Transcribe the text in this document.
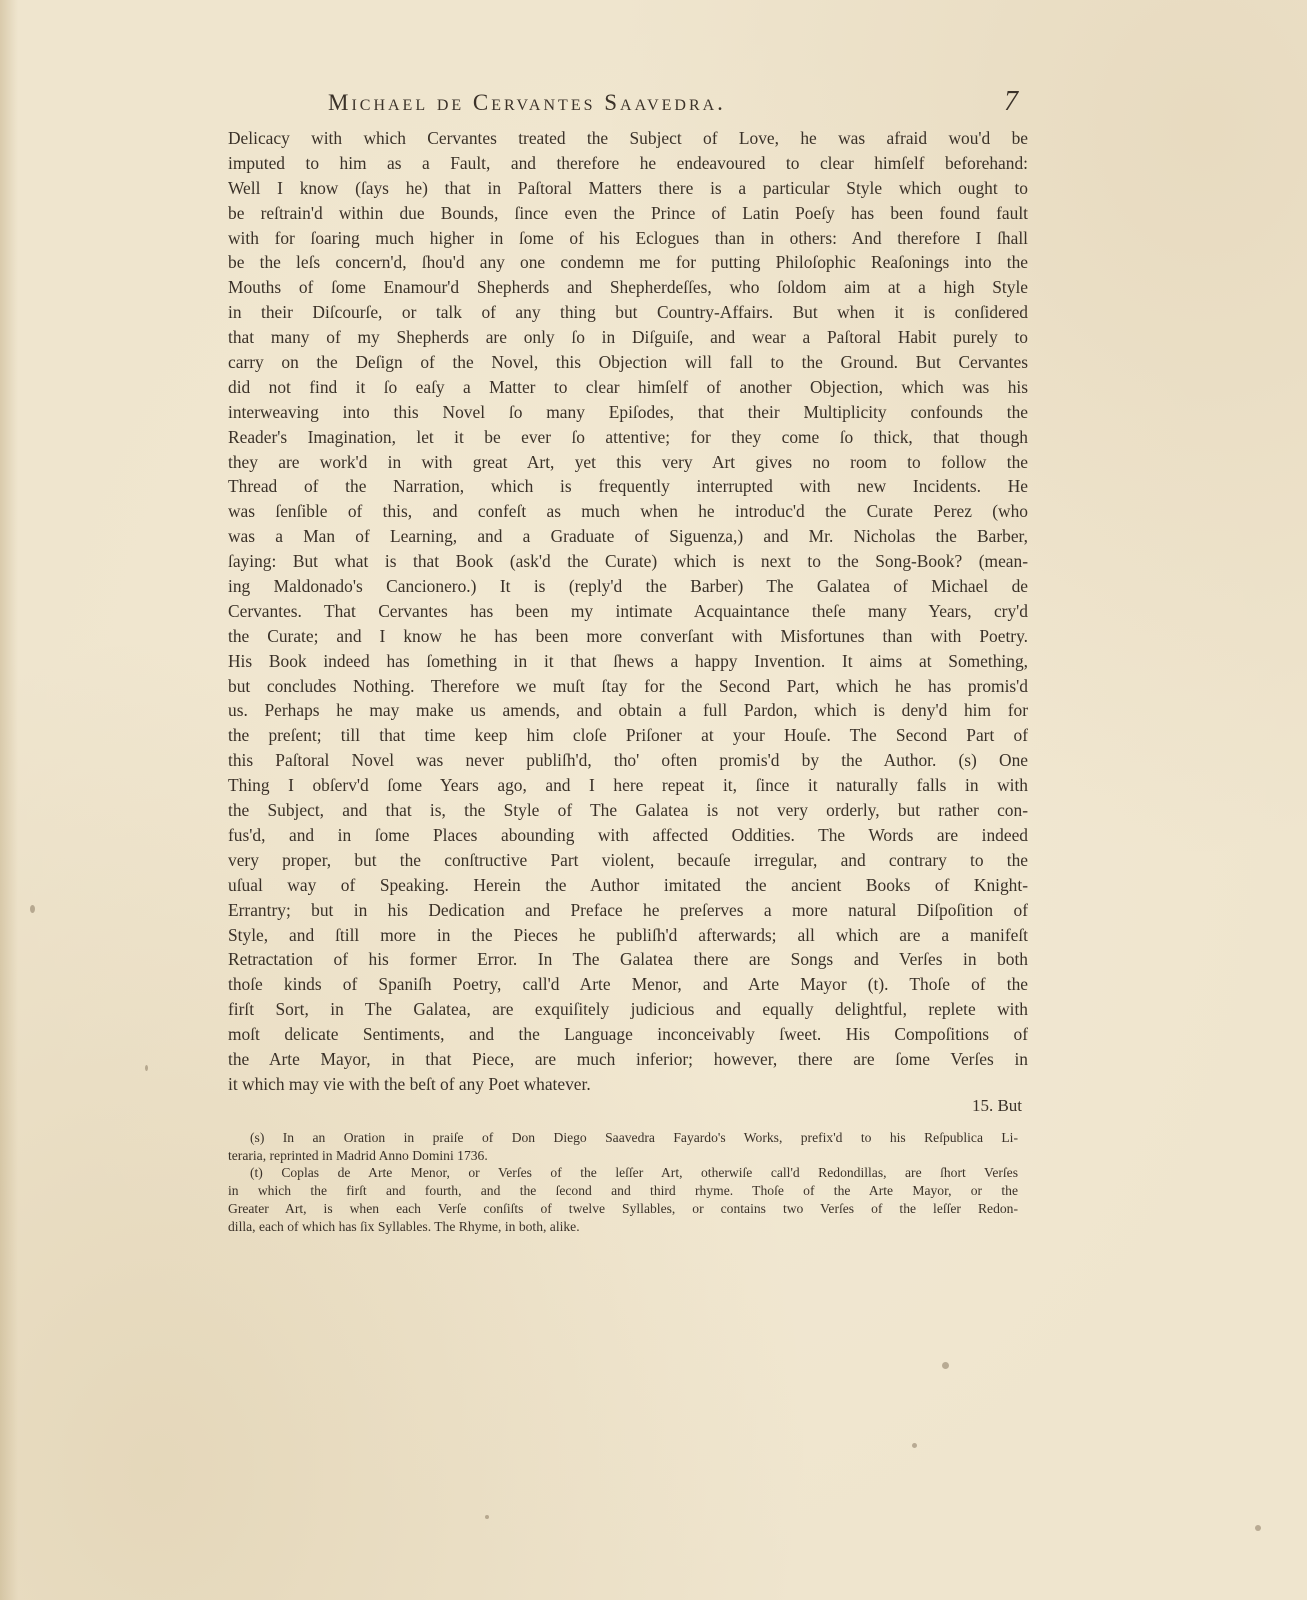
Michael de Cervantes Saavedra.	7
Delicacy with which Cervantes treated the Subject of Love, he was afraid wou'd be
imputed to him as a Fault, and therefore he endeavoured to clear himſelf beforehand:
Well I know (ſays he) that in Paſtoral Matters there is a particular Style which ought to
be reſtrain'd within due Bounds, ſince even the Prince of Latin Poeſy has been found fault
with for ſoaring much higher in ſome of his Eclogues than in others: And therefore I ſhall
be the leſs concern'd, ſhou'd any one condemn me for putting Philoſophic Reaſonings into the
Mouths of ſome Enamour'd Shepherds and Shepherdeſſes, who ſoldom aim at a high Style
in their Diſcourſe, or talk of any thing but Country-Affairs. But when it is conſidered
that many of my Shepherds are only ſo in Diſguiſe, and wear a Paſtoral Habit purely to
carry on the Deſign of the Novel, this Objection will fall to the Ground. But Cervantes
did not find it ſo eaſy a Matter to clear himſelf of another Objection, which was his
interweaving into this Novel ſo many Epiſodes, that their Multiplicity confounds the
Reader's Imagination, let it be ever ſo attentive; for they come ſo thick, that though
they are work'd in with great Art, yet this very Art gives no room to follow the
Thread of the Narration, which is frequently interrupted with new Incidents. He
was ſenſible of this, and confeſt as much when he introduc'd the Curate Perez (who
was a Man of Learning, and a Graduate of Siguenza,) and Mr. Nicholas the Barber,
ſaying: But what is that Book (ask'd the Curate) which is next to the Song-Book? (mean-
ing Maldonado's Cancionero.) It is (reply'd the Barber) The Galatea of Michael de
Cervantes. That Cervantes has been my intimate Acquaintance theſe many Years, cry'd
the Curate; and I know he has been more converſant with Misfortunes than with Poetry.
His Book indeed has ſomething in it that ſhews a happy Invention. It aims at Something,
but concludes Nothing. Therefore we muſt ſtay for the Second Part, which he has promis'd
us. Perhaps he may make us amends, and obtain a full Pardon, which is deny'd him for
the preſent; till that time keep him cloſe Priſoner at your Houſe. The Second Part of
this Paſtoral Novel was never publiſh'd, tho' often promis'd by the Author. (s) One
Thing I obſerv'd ſome Years ago, and I here repeat it, ſince it naturally falls in with
the Subject, and that is, the Style of The Galatea is not very orderly, but rather con-
fus'd, and in ſome Places abounding with affected Oddities. The Words are indeed
very proper, but the conſtructive Part violent, becauſe irregular, and contrary to the
uſual way of Speaking. Herein the Author imitated the ancient Books of Knight-
Errantry; but in his Dedication and Preface he preſerves a more natural Diſpoſition of
Style, and ſtill more in the Pieces he publiſh'd afterwards; all which are a manifeſt
Retractation of his former Error. In The Galatea there are Songs and Verſes in both
thoſe kinds of Spaniſh Poetry, call'd Arte Menor, and Arte Mayor (t). Thoſe of the
firſt Sort, in The Galatea, are exquiſitely judicious and equally delightful, replete with
moſt delicate Sentiments, and the Language inconceivably ſweet. His Compoſitions of
the Arte Mayor, in that Piece, are much inferior; however, there are ſome Verſes in
it which may vie with the beſt of any Poet whatever.
15. But
(s) In an Oration in praiſe of Don Diego Saavedra Fayardo's Works, prefix'd to his Reſpublica Li-
teraria, reprinted in Madrid Anno Domini 1736.
(t) Coplas de Arte Menor, or Verſes of the leſſer Art, otherwiſe call'd Redondillas, are ſhort Verſes
in which the firſt and fourth, and the ſecond and third rhyme. Thoſe of the Arte Mayor, or the
Greater Art, is when each Verſe conſiſts of twelve Syllables, or contains two Verſes of the leſſer Redon-
dilla, each of which has ſix Syllables. The Rhyme, in both, alike.
